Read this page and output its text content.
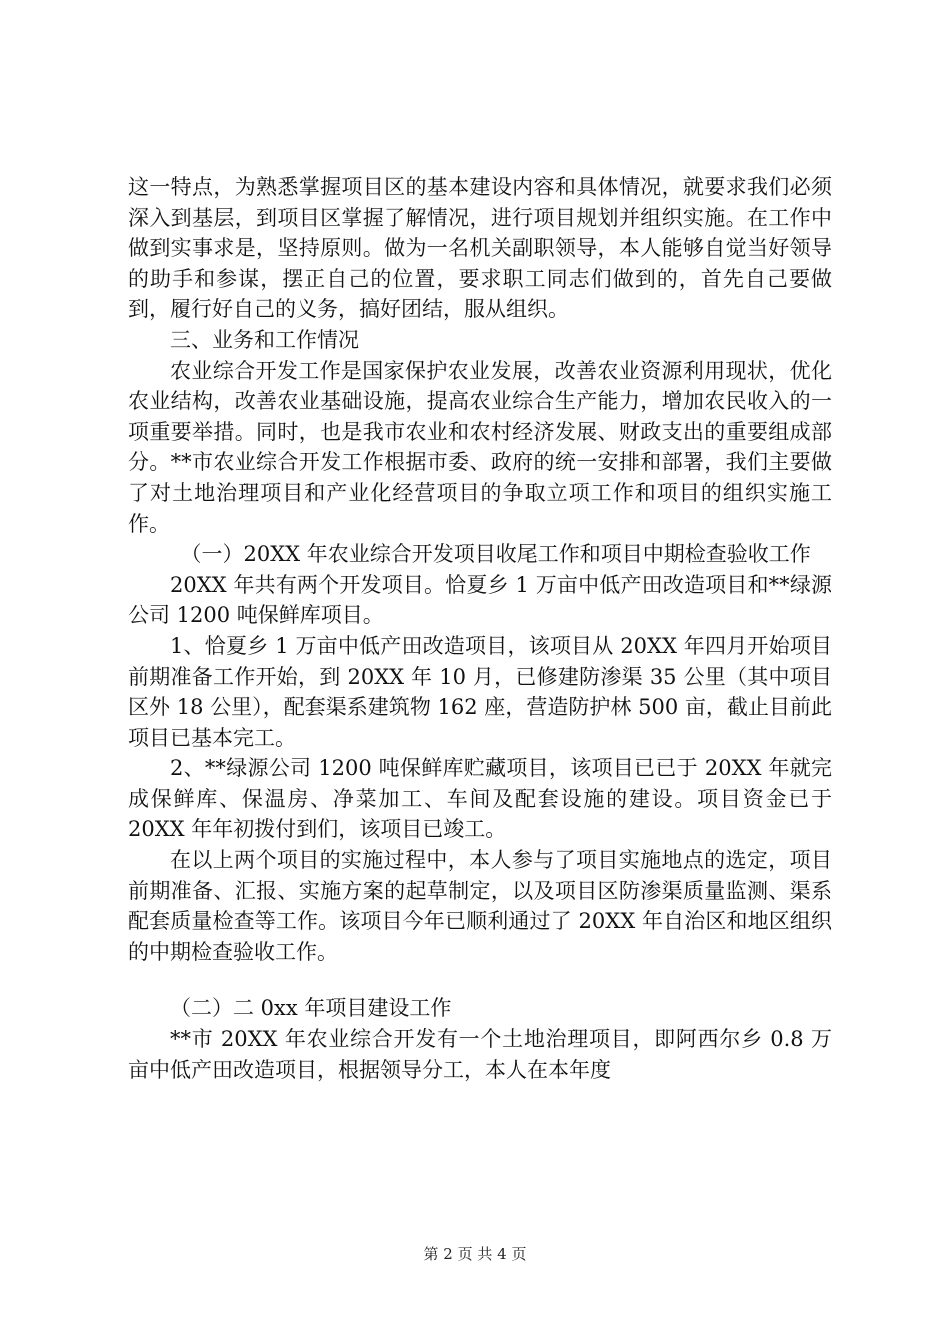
这一特点，为熟悉掌握项目区的基本建设内容和具体情况，就要求我们必须深入到基层，到项目区掌握了解情况，进行项目规划并组织实施。在工作中做到实事求是，坚持原则。做为一名机关副职领导，本人能够自觉当好领导的助手和参谋，摆正自己的位置，要求职工同志们做到的，首先自己要做到，履行好自己的义务，搞好团结，服从组织。

三、业务和工作情况

农业综合开发工作是国家保护农业发展，改善农业资源利用现状，优化农业结构，改善农业基础设施，提高农业综合生产能力，增加农民收入的一项重要举措。同时，也是我市农业和农村经济发展、财政支出的重要组成部分。**市农业综合开发工作根据市委、政府的统一安排和部署，我们主要做了对土地治理项目和产业化经营项目的争取立项工作和项目的组织实施工作。

（一）20XX 年农业综合开发项目收尾工作和项目中期检查验收工作

20XX 年共有两个开发项目。恰夏乡 1 万亩中低产田改造项目和**绿源公司 1200 吨保鲜库项目。

1、恰夏乡 1 万亩中低产田改造项目，该项目从 20XX 年四月开始项目前期准备工作开始，到 20XX 年 10 月，已修建防渗渠 35 公里（其中项目区外 18 公里），配套渠系建筑物 162 座，营造防护林 500 亩，截止目前此项目已基本完工。

2、**绿源公司 1200 吨保鲜库贮藏项目，该项目已已于 20XX 年就完成保鲜库、保温房、净菜加工、车间及配套设施的建设。项目资金已于 20XX 年年初拨付到们，该项目已竣工。

在以上两个项目的实施过程中，本人参与了项目实施地点的选定，项目前期准备、汇报、实施方案的起草制定，以及项目区防渗渠质量监测、渠系配套质量检查等工作。该项目今年已顺利通过了 20XX 年自治区和地区组织的中期检查验收工作。

（二）二 0xx 年项目建设工作

**市 20XX 年农业综合开发有一个土地治理项目，即阿西尔乡 0.8 万亩中低产田改造项目，根据领导分工，本人在本年度

第 2 页 共 4 页
